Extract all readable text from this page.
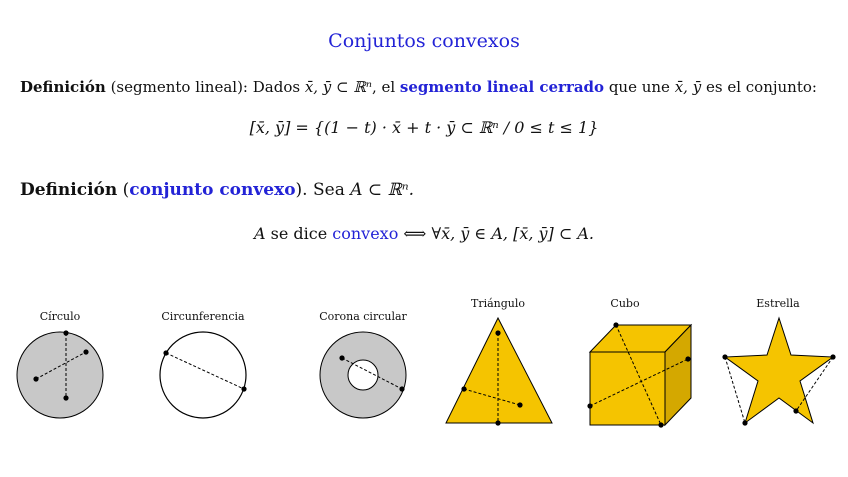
Conjuntos convexos
Definición (segmento lineal): Dados x̄, ȳ ⊂ ℝⁿ, el segmento lineal cerrado que une x̄, ȳ es el conjunto:
[x̄, ȳ] = {(1 − t) · x̄ + t · ȳ ⊂ ℝⁿ / 0 ≤ t ≤ 1}
Definición (conjunto convexo). Sea A ⊂ ℝⁿ.
A se dice convexo ⟺ ∀x̄, ȳ ∈ A, [x̄, ȳ] ⊂ A.
Círculo	Circunferencia	Corona circular
Triángulo	Cubo	Estrella
